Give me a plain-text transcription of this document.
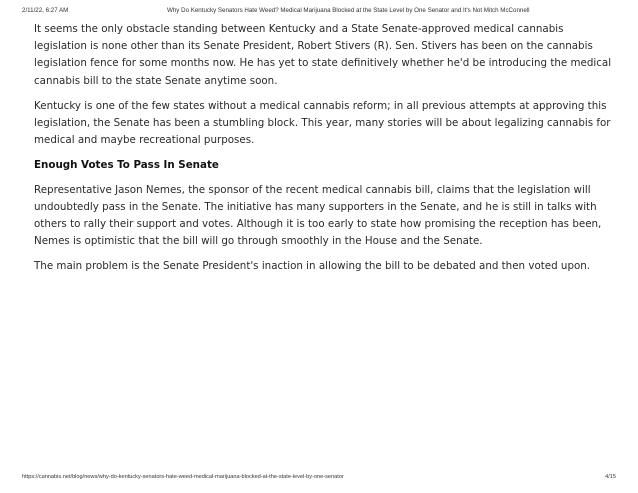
2/11/22, 6:27 AM	Why Do Kentucky Senators Hate Weed? Medical Marijuana Blocked at the State Level by One Senator and It's Not Mitch McConnell

It seems the only obstacle standing between Kentucky and a State Senate-approved medical cannabis legislation is none other than its Senate President, Robert Stivers (R). Sen. Stivers has been on the cannabis legislation fence for some months now. He has yet to state definitively whether he'd be introducing the medical cannabis bill to the state Senate anytime soon.

Kentucky is one of the few states without a medical cannabis reform; in all previous attempts at approving this legislation, the Senate has been a stumbling block. This year, many stories will be about legalizing cannabis for medical and maybe recreational purposes.

Enough Votes To Pass In Senate

Representative Jason Nemes, the sponsor of the recent medical cannabis bill, claims that the legislation will undoubtedly pass in the Senate. The initiative has many supporters in the Senate, and he is still in talks with others to rally their support and votes. Although it is too early to state how promising the reception has been, Nemes is optimistic that the bill will go through smoothly in the House and the Senate.

The main problem is the Senate President's inaction in allowing the bill to be debated and then voted upon.

https://cannabis.net/blog/news/why-do-kentucky-senators-hate-weed-medical-marijuana-blocked-at-the-state-level-by-one-senator	4/15
